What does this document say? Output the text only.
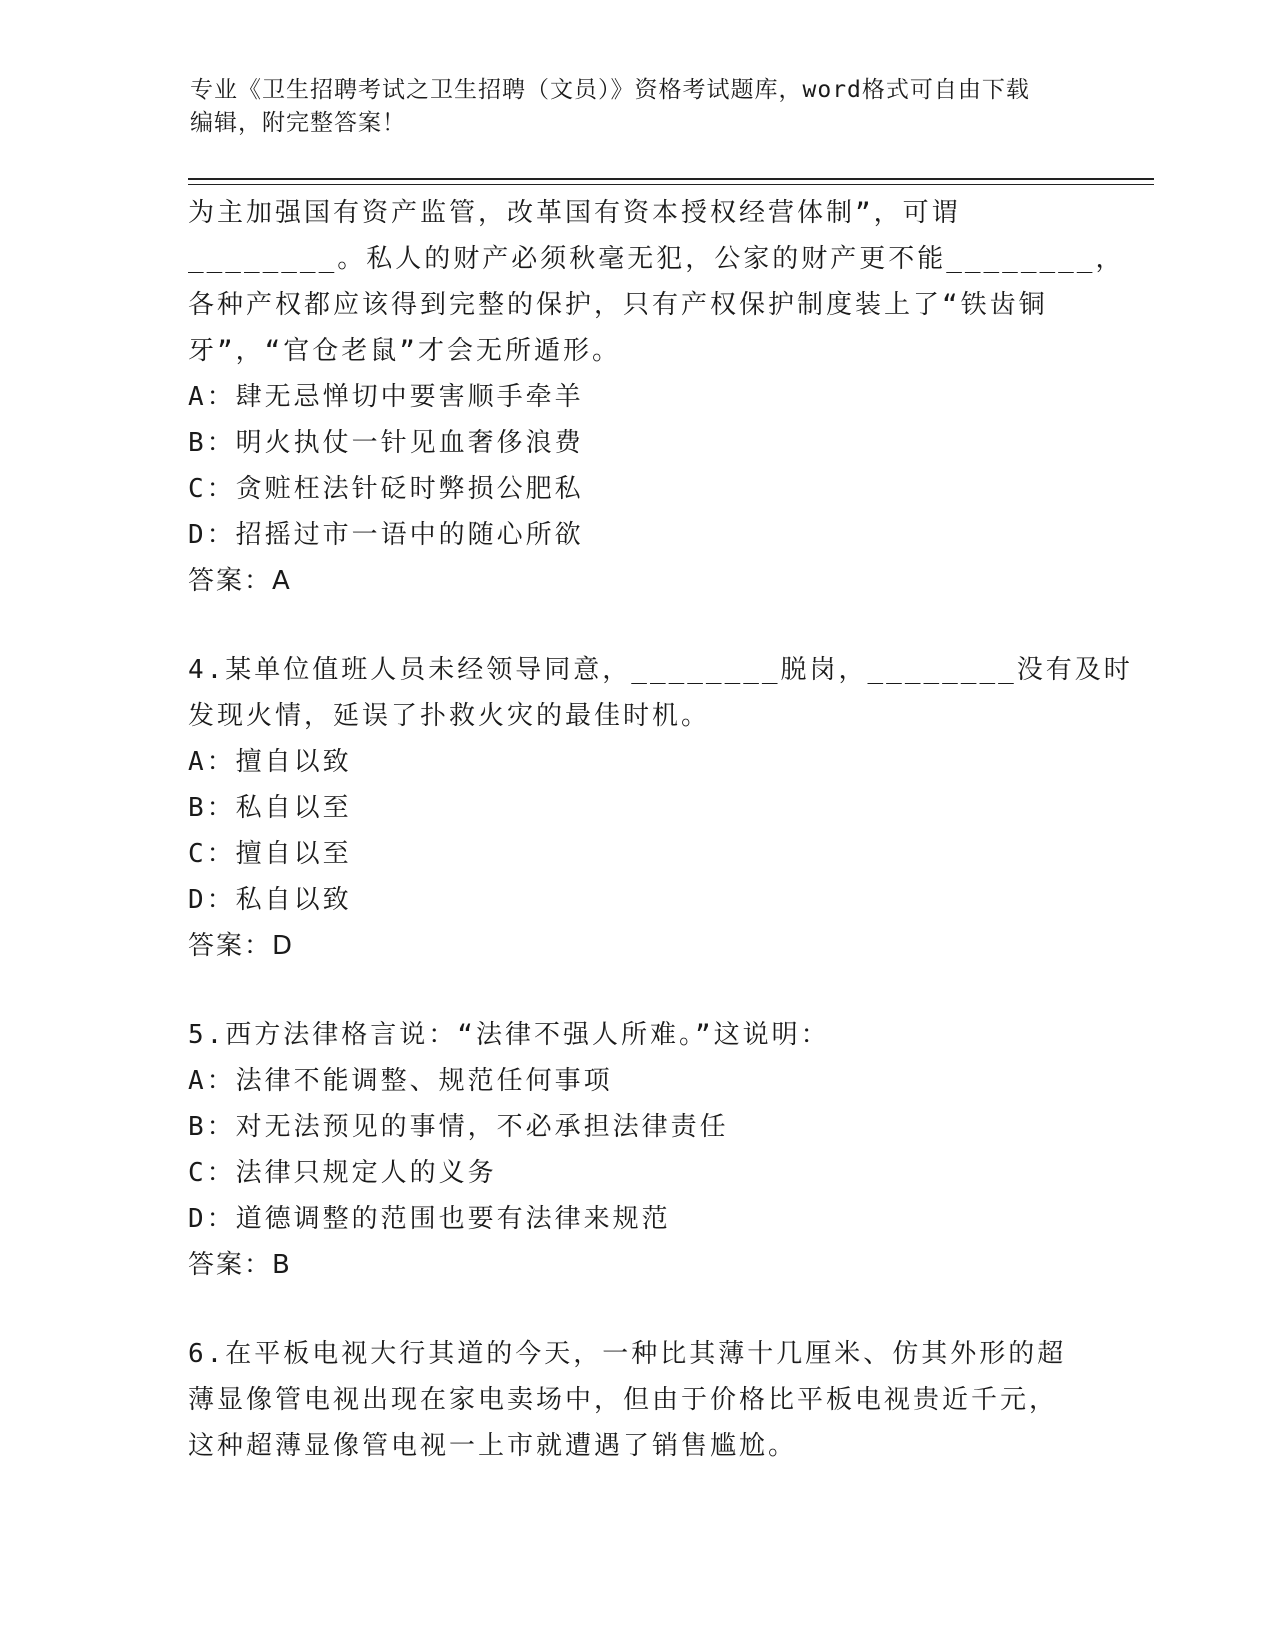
专业《卫生招聘考试之卫生招聘（文员）》资格考试题库，word格式可自由下载
编辑，附完整答案！
为主加强国有资产监管，改革国有资本授权经营体制”，可谓
________。私人的财产必须秋毫无犯，公家的财产更不能________，
各种产权都应该得到完整的保护，只有产权保护制度装上了“铁齿铜
牙”，“官仓老鼠”才会无所遁形。
A：肆无忌惮切中要害顺手牵羊
B：明火执仗一针见血奢侈浪费
C：贪赃枉法针砭时弊损公肥私
D：招摇过市一语中的随心所欲
答案：A
4.某单位值班人员未经领导同意，________脱岗，________没有及时
发现火情，延误了扑救火灾的最佳时机。
A：擅自以致
B：私自以至
C：擅自以至
D：私自以致
答案：D
5.西方法律格言说：“法律不强人所难。”这说明：
A：法律不能调整、规范任何事项
B：对无法预见的事情，不必承担法律责任
C：法律只规定人的义务
D：道德调整的范围也要有法律来规范
答案：B
6.在平板电视大行其道的今天，一种比其薄十几厘米、仿其外形的超
薄显像管电视出现在家电卖场中，但由于价格比平板电视贵近千元，
这种超薄显像管电视一上市就遭遇了销售尴尬。
